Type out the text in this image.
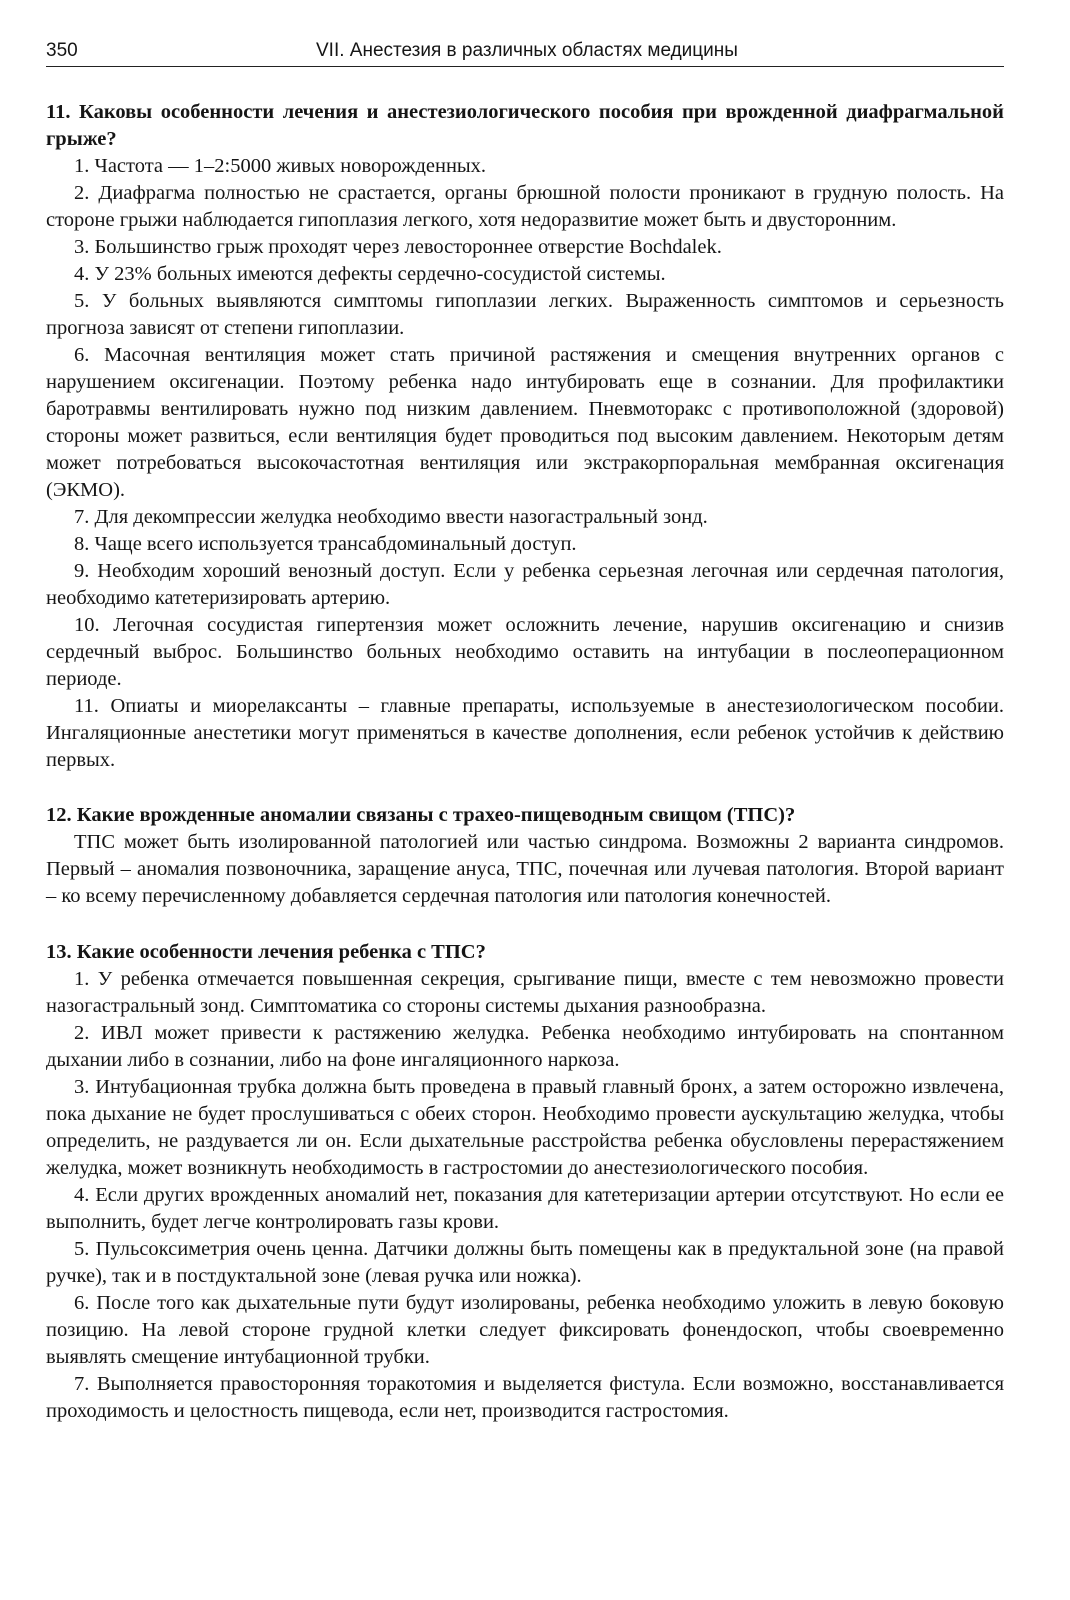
350	VII. Анестезия в различных областях медицины

11. Каковы особенности лечения и анестезиологического пособия при врожденной диафрагмальной грыже?

1. Частота — 1–2:5000 живых новорожденных.

2. Диафрагма полностью не срастается, органы брюшной полости проникают в грудную полость. На стороне грыжи наблюдается гипоплазия легкого, хотя недоразвитие может быть и двусторонним.

3. Большинство грыж проходят через левостороннее отверстие Bochdalek.

4. У 23% больных имеются дефекты сердечно-сосудистой системы.

5. У больных выявляются симптомы гипоплазии легких. Выраженность симптомов и серьезность прогноза зависят от степени гипоплазии.

6. Масочная вентиляция может стать причиной растяжения и смещения внутренних органов с нарушением оксигенации. Поэтому ребенка надо интубировать еще в сознании. Для профилактики баротравмы вентилировать нужно под низким давлением. Пневмоторакс с противоположной (здоровой) стороны может развиться, если вентиляция будет проводиться под высоким давлением. Некоторым детям может потребоваться высокочастотная вентиляция или экстракорпоральная мембранная оксигенация (ЭКМО).

7. Для декомпрессии желудка необходимо ввести назогастральный зонд.

8. Чаще всего используется трансабдоминальный доступ.

9. Необходим хороший венозный доступ. Если у ребенка серьезная легочная или сердечная патология, необходимо катетеризировать артерию.

10. Легочная сосудистая гипертензия может осложнить лечение, нарушив оксигенацию и снизив сердечный выброс. Большинство больных необходимо оставить на интубации в послеоперационном периоде.

11. Опиаты и миорелаксанты – главные препараты, используемые в анестезиологическом пособии. Ингаляционные анестетики могут применяться в качестве дополнения, если ребенок устойчив к действию первых.

12. Какие врожденные аномалии связаны с трахео-пищеводным свищом (ТПС)?

ТПС может быть изолированной патологией или частью синдрома. Возможны 2 варианта синдромов. Первый – аномалия позвоночника, заращение ануса, ТПС, почечная или лучевая патология. Второй вариант – ко всему перечисленному добавляется сердечная патология или патология конечностей.

13. Какие особенности лечения ребенка с ТПС?

1. У ребенка отмечается повышенная секреция, срыгивание пищи, вместе с тем невозможно провести назогастральный зонд. Симптоматика со стороны системы дыхания разнообразна.

2. ИВЛ может привести к растяжению желудка. Ребенка необходимо интубировать на спонтанном дыхании либо в сознании, либо на фоне ингаляционного наркоза.

3. Интубационная трубка должна быть проведена в правый главный бронх, а затем осторожно извлечена, пока дыхание не будет прослушиваться с обеих сторон. Необходимо провести аускультацию желудка, чтобы определить, не раздувается ли он. Если дыхательные расстройства ребенка обусловлены перерастяжением желудка, может возникнуть необходимость в гастростомии до анестезиологического пособия.

4. Если других врожденных аномалий нет, показания для катетеризации артерии отсутствуют. Но если ее выполнить, будет легче контролировать газы крови.

5. Пульсоксиметрия очень ценна. Датчики должны быть помещены как в предуктальной зоне (на правой ручке), так и в постдуктальной зоне (левая ручка или ножка).

6. После того как дыхательные пути будут изолированы, ребенка необходимо уложить в левую боковую позицию. На левой стороне грудной клетки следует фиксировать фонендоскоп, чтобы своевременно выявлять смещение интубационной трубки.

7. Выполняется правосторонняя торакотомия и выделяется фистула. Если возможно, восстанавливается проходимость и целостность пищевода, если нет, производится гастростомия.
